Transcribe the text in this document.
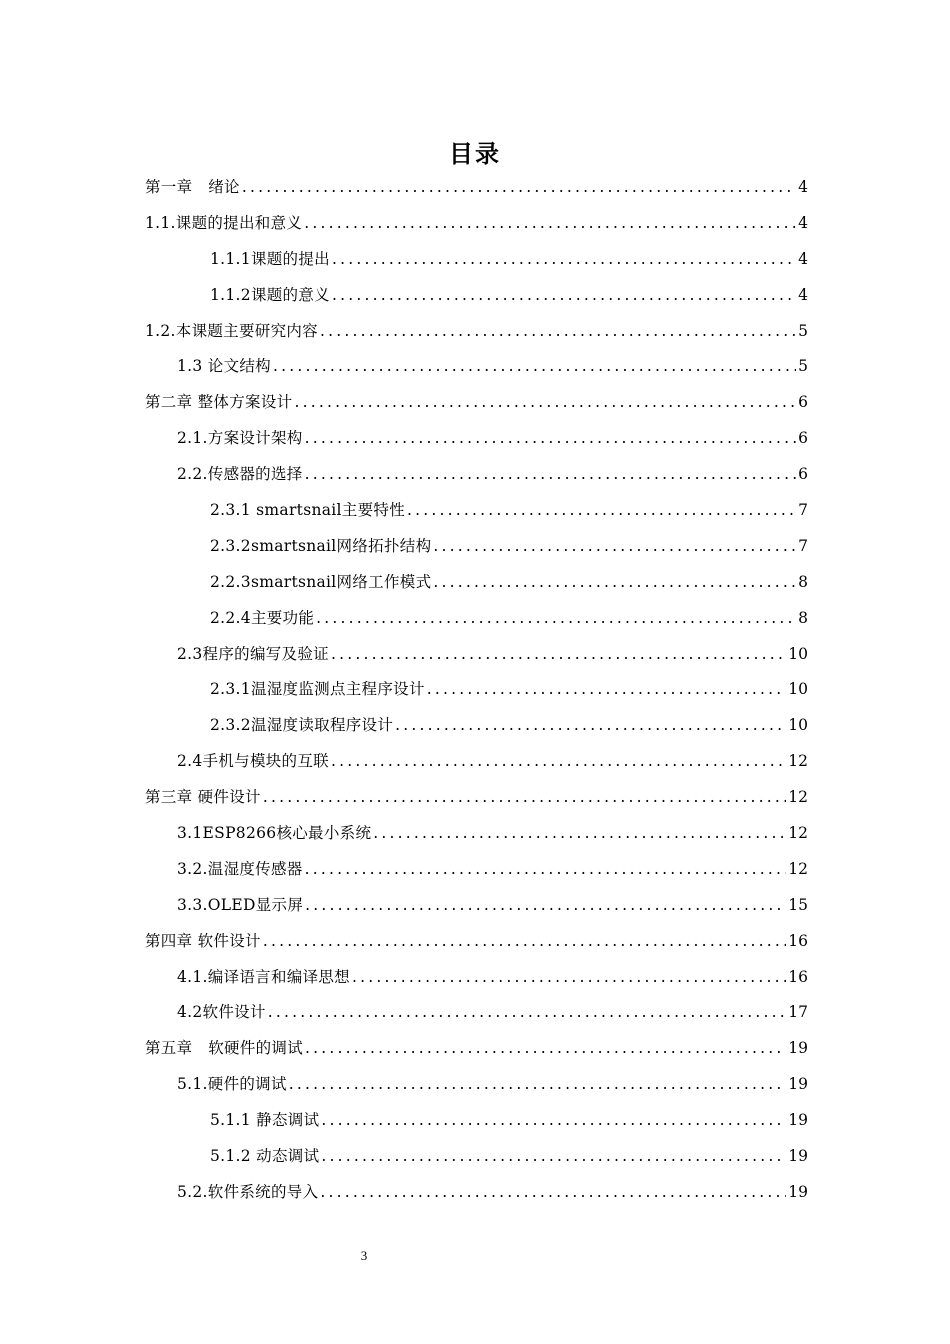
目录
第一章　绪论 .....	4
1.1.课题的提出和意义 .....	4
1.1.1课题的提出 .....	4
1.1.2课题的意义 .....	4
1.2.本课题主要研究内容 .....	5
1.3 论文结构 .....	5
第二章 整体方案设计 .....	6
2.1.方案设计架构 .....	6
2.2.传感器的选择 .....	6
2.3.1 smartsnail主要特性 .....	7
2.3.2smartsnail网络拓扑结构 .....	7
2.2.3smartsnail网络工作模式 .....	8
2.2.4主要功能 .....	8
2.3程序的编写及验证 .....	10
2.3.1温湿度监测点主程序设计 .....	10
2.3.2温湿度读取程序设计 .....	10
2.4手机与模块的互联 .....	12
第三章 硬件设计 .....	12
3.1ESP8266核心最小系统 .....	12
3.2.温湿度传感器 .....	12
3.3.OLED显示屏 .....	15
第四章 软件设计 .....	16
4.1.编译语言和编译思想 .....	16
4.2软件设计 .....	17
第五章　软硬件的调试 .....	19
5.1.硬件的调试 .....	19
5.1.1 静态调试 .....	19
5.1.2 动态调试 .....	19
5.2.软件系统的导入 .....	19
3
